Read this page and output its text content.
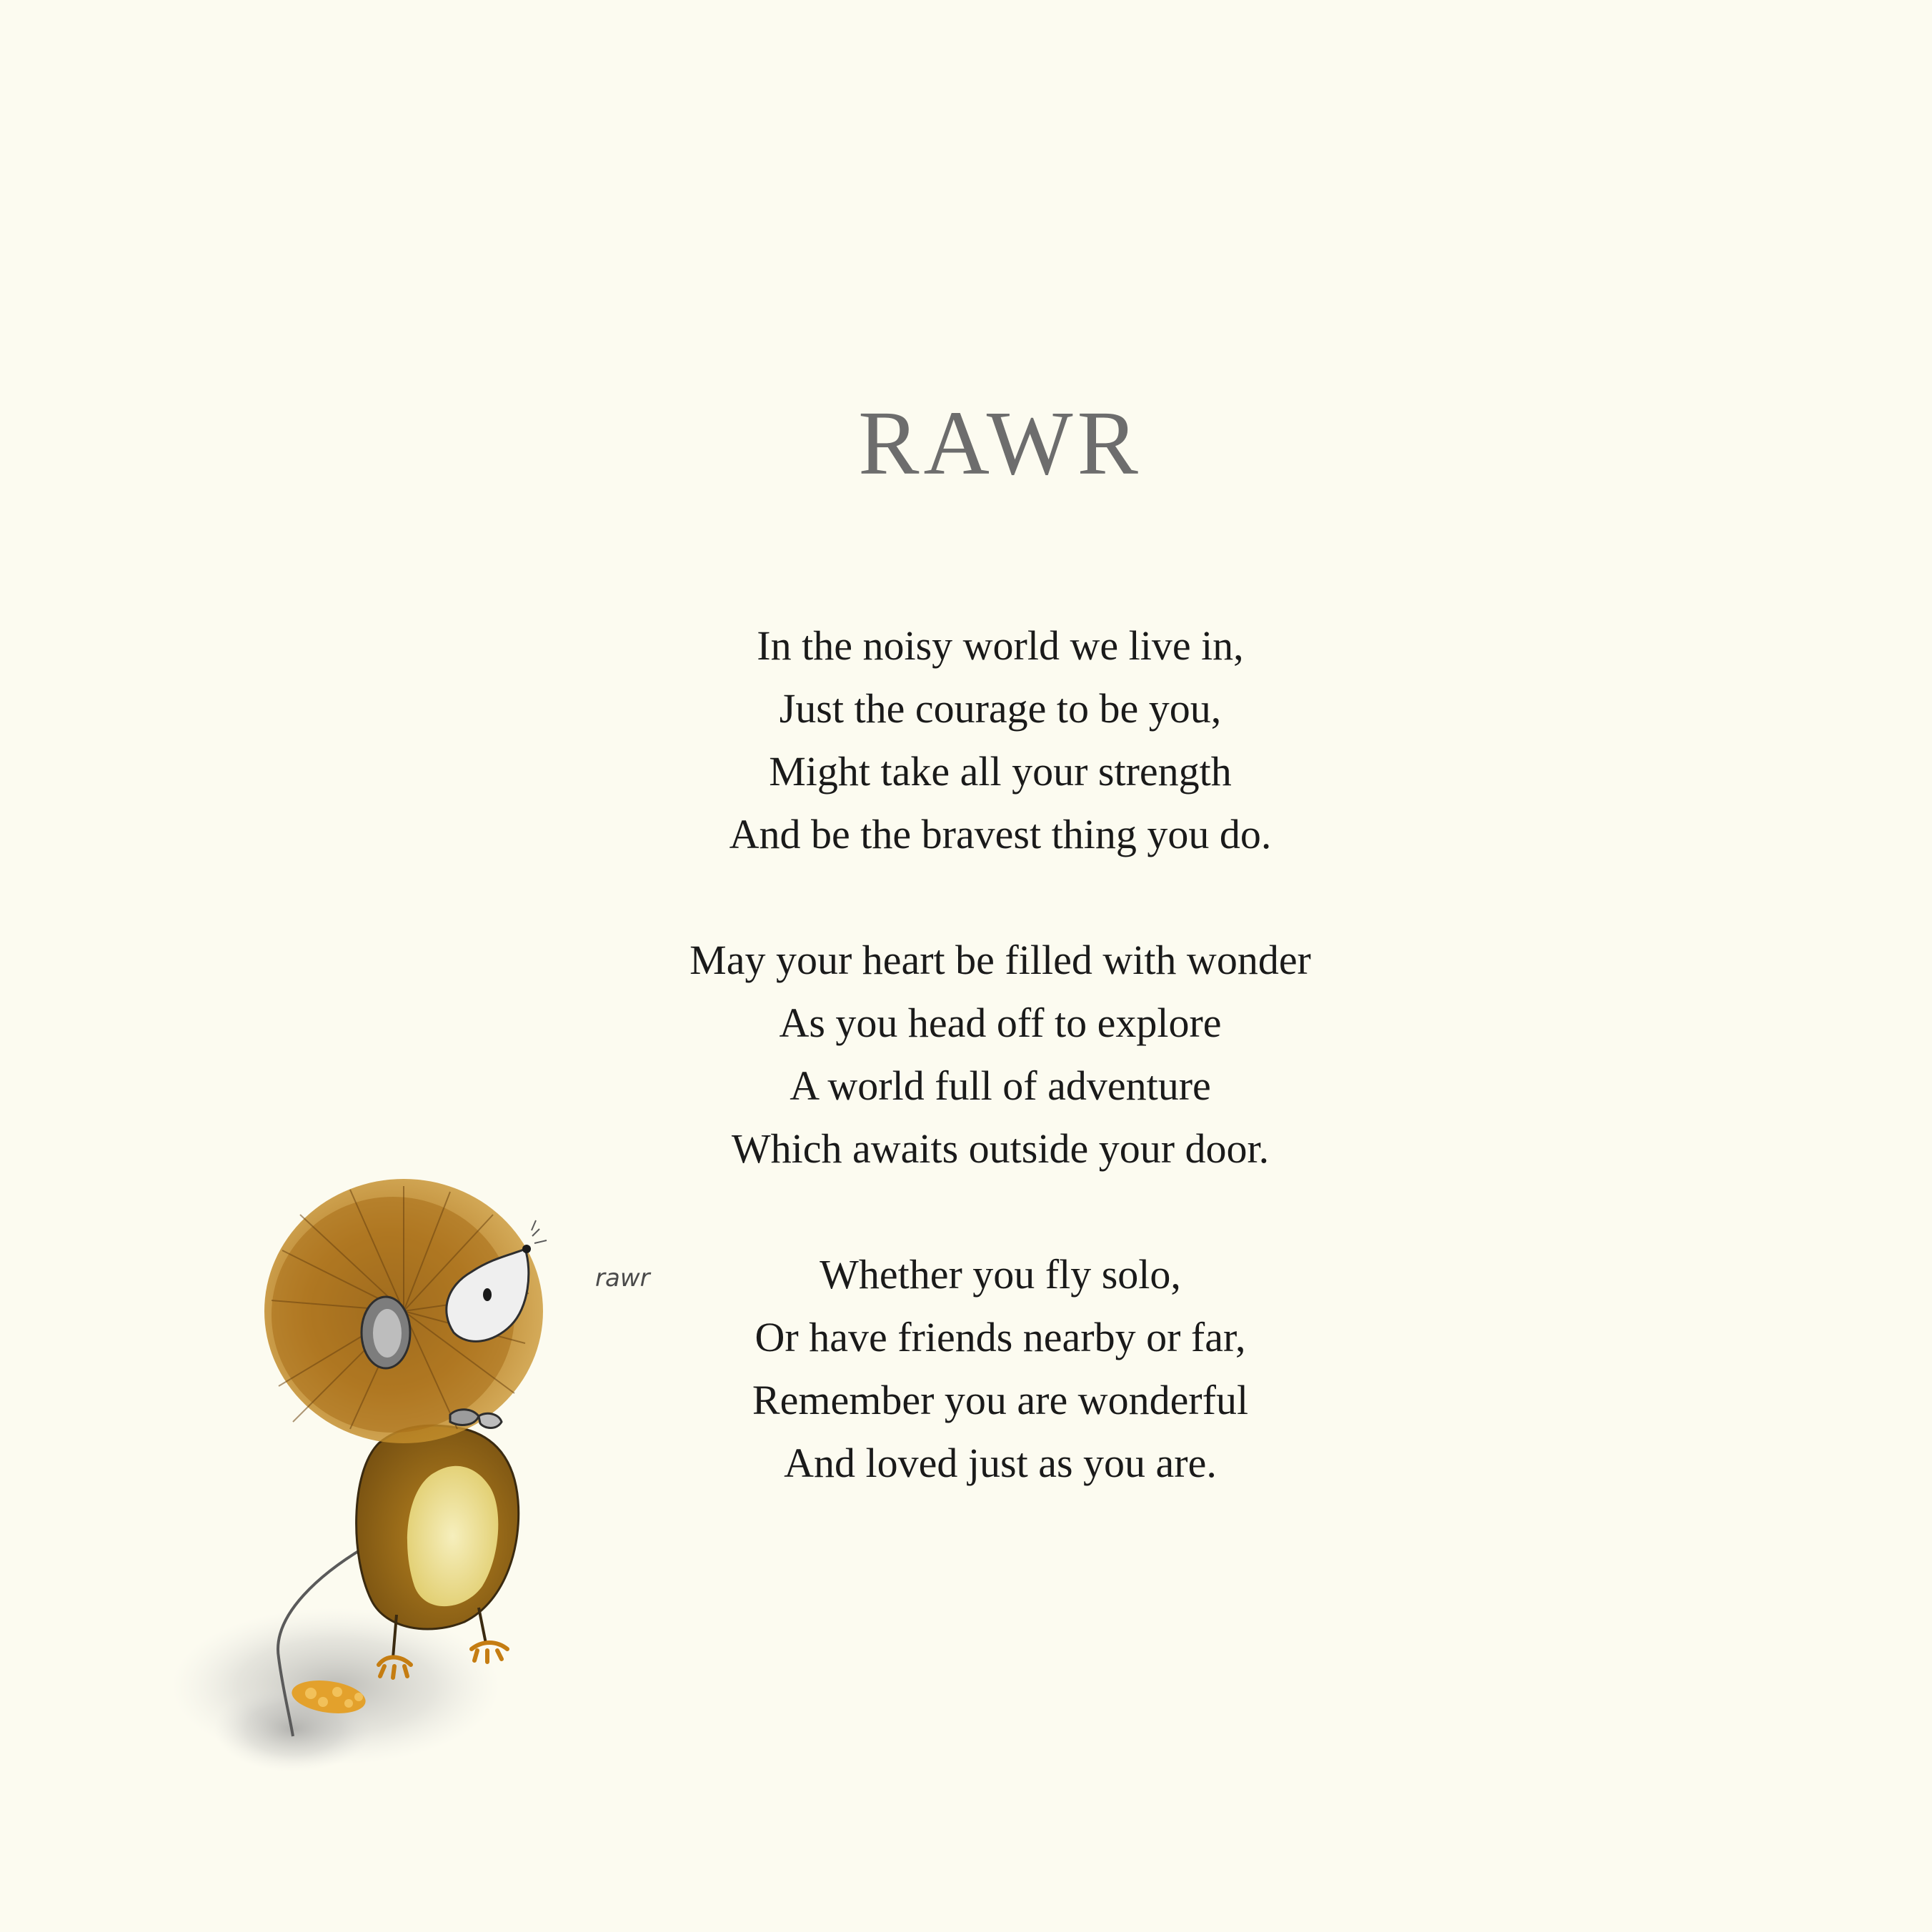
RAWR
In the noisy world we live in,
Just the courage to be you,
Might take all your strength
And be the bravest thing you do.
May your heart be filled with wonder
As you head off to explore
A world full of adventure
Which awaits outside your door.
Whether you fly solo,
Or have friends nearby or far,
Remember you are wonderful
And loved just as you are.
rawr
